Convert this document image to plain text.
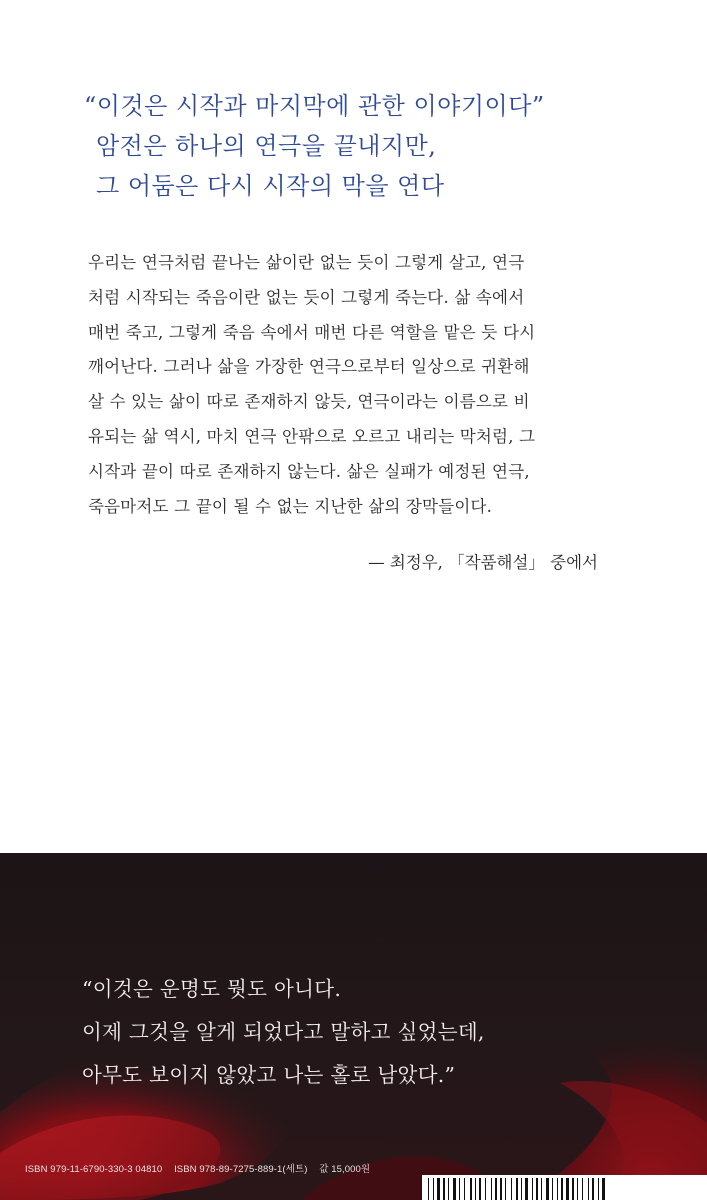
“이것은 시작과 마지막에 관한 이야기이다”
암전은 하나의 연극을 끝내지만,
그 어둠은 다시 시작의 막을 연다
우리는 연극처럼 끝나는 삶이란 없는 듯이 그렇게 살고, 연극
처럼 시작되는 죽음이란 없는 듯이 그렇게 죽는다. 삶 속에서
매번 죽고, 그렇게 죽음 속에서 매번 다른 역할을 맡은 듯 다시
깨어난다. 그러나 삶을 가장한 연극으로부터 일상으로 귀환해
살 수 있는 삶이 따로 존재하지 않듯, 연극이라는 이름으로 비
유되는 삶 역시, 마치 연극 안팎으로 오르고 내리는 막처럼, 그
시작과 끝이 따로 존재하지 않는다. 삶은 실패가 예정된 연극,
죽음마저도 그 끝이 될 수 없는 지난한 삶의 장막들이다.
— 최정우, 「작품해설」 중에서
“이것은 운명도 뭣도 아니다.
이제 그것을 알게 되었다고 말하고 싶었는데,
아무도 보이지 않았고 나는 홀로 남았다.”
ISBN 979-11-6790-330-3 04810 ISBN 978-89-7275-889-1(세트) 값 15,000원
